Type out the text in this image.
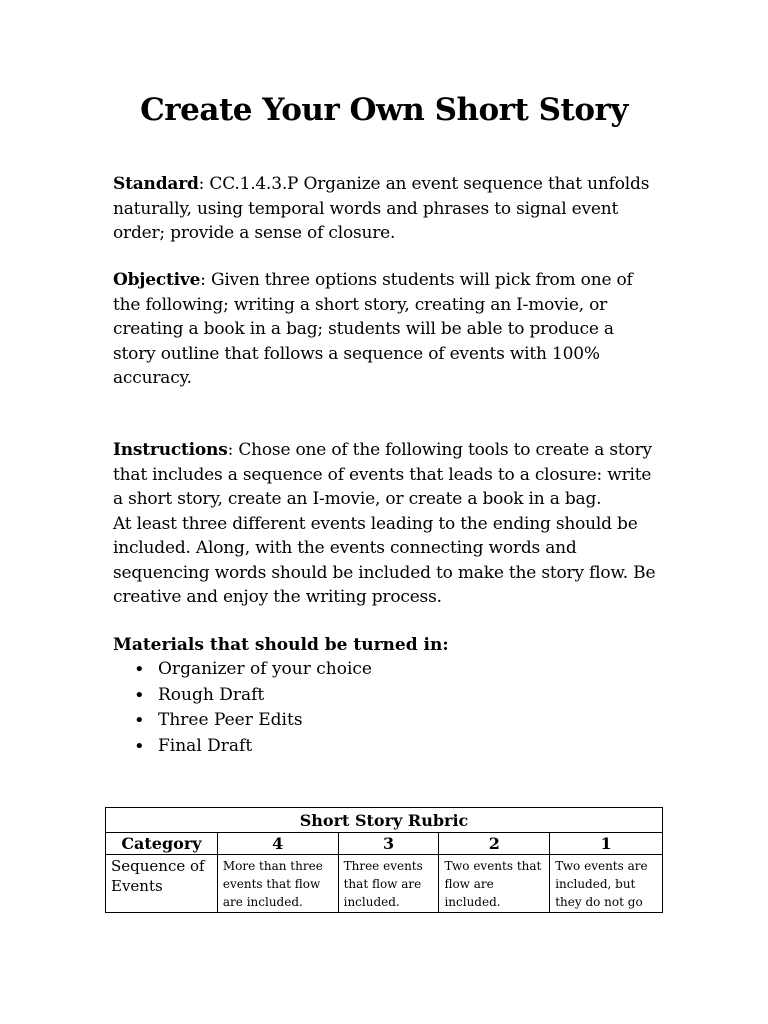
Create Your Own Short Story
Standard: CC.1.4.3.P Organize an event sequence that unfolds naturally, using temporal words and phrases to signal event order; provide a sense of closure.
Objective: Given three options students will pick from one of the following; writing a short story, creating an I-movie, or creating a book in a bag; students will be able to produce a story outline that follows a sequence of events with 100% accuracy.
Instructions: Chose one of the following tools to create a story that includes a sequence of events that leads to a closure: write a short story, create an I-movie, or create a book in a bag.
At least three different events leading to the ending should be included. Along, with the events connecting words and sequencing words should be included to make the story flow. Be creative and enjoy the writing process.
Materials that should be turned in:
• Organizer of your choice
• Rough Draft
• Three Peer Edits
• Final Draft
Short Story Rubric				
Category	4	3	2	1
Sequence of Events	More than three events that flow are included.	Three events that flow are included.	Two events that flow are included.	Two events are included, but they do not go
